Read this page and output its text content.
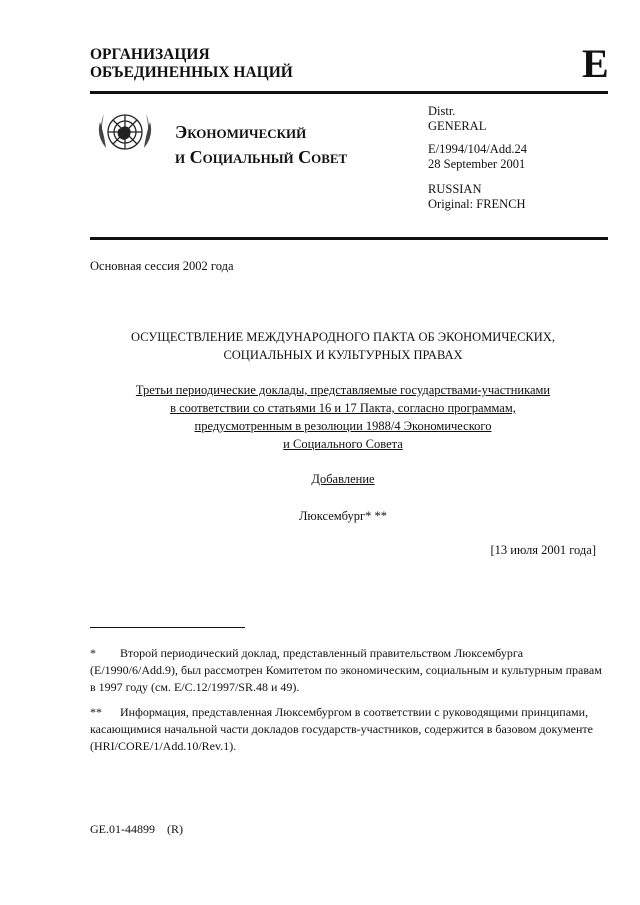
ОРГАНИЗАЦИЯ
ОБЪЕДИНЕННЫХ НАЦИЙ	E
Экономический
и Социальный Совет
Distr.
GENERAL
E/1994/104/Add.24
28 September 2001
RUSSIAN
Original: FRENCH
Основная сессия 2002 года
ОСУЩЕСТВЛЕНИЕ МЕЖДУНАРОДНОГО ПАКТА ОБ ЭКОНОМИЧЕСКИХ,
СОЦИАЛЬНЫХ И КУЛЬТУРНЫХ ПРАВАХ
Третьи периодические доклады, представляемые государствами-участниками
в соответствии со статьями 16 и 17 Пакта, согласно программам,
предусмотренным в резолюции 1988/4 Экономического
и Социального Совета
Добавление
Люксембург* **
[13 июля 2001 года]
* Второй периодический доклад, представленный правительством Люксембурга (E/1990/6/Add.9), был рассмотрен Комитетом по экономическим, социальным и культурным правам в 1997 году (см. E/C.12/1997/SR.48 и 49).
** Информация, представленная Люксембургом в соответствии с руководящими принципами, касающимися начальной части докладов государств-участников, содержится в базовом документе (HRI/CORE/1/Add.10/Rev.1).
GE.01-44899    (R)
